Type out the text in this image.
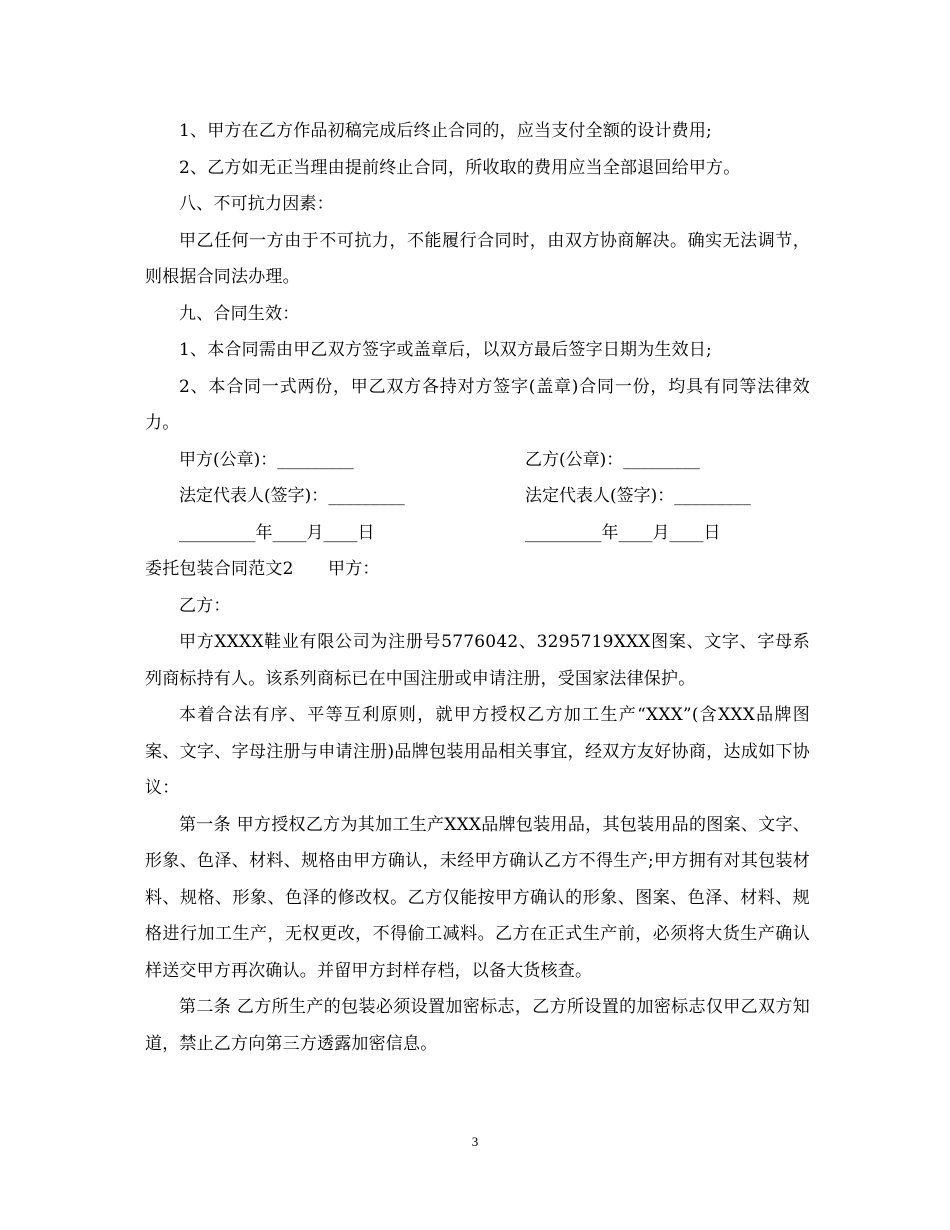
1、甲方在乙方作品初稿完成后终止合同的，应当支付全额的设计费用;

2、乙方如无正当理由提前终止合同，所收取的费用应当全部退回给甲方。

八、不可抗力因素：

甲乙任何一方由于不可抗力，不能履行合同时，由双方协商解决。确实无法调节，则根据合同法办理。

九、合同生效：

1、本合同需由甲乙双方签字或盖章后，以双方最后签字日期为生效日;

2、本合同一式两份，甲乙双方各持对方签字(盖章)合同一份，均具有同等法律效力。

甲方(公章)：_________	乙方(公章)：_________
法定代表人(签字)：_________	法定代表人(签字)：_________
_________年____月____日	_________年____月____日

委托包装合同范文2　　甲方：

乙方：

甲方XXXX鞋业有限公司为注册号5776042、3295719XXX图案、文字、字母系列商标持有人。该系列商标已在中国注册或申请注册，受国家法律保护。

本着合法有序、平等互利原则，就甲方授权乙方加工生产“XXX”(含XXX品牌图案、文字、字母注册与申请注册)品牌包装用品相关事宜，经双方友好协商，达成如下协议：

第一条 甲方授权乙方为其加工生产XXX品牌包装用品，其包装用品的图案、文字、形象、色泽、材料、规格由甲方确认，未经甲方确认乙方不得生产;甲方拥有对其包装材料、规格、形象、色泽的修改权。乙方仅能按甲方确认的形象、图案、色泽、材料、规格进行加工生产，无权更改，不得偷工减料。乙方在正式生产前，必须将大货生产确认样送交甲方再次确认。并留甲方封样存档，以备大货核查。

第二条 乙方所生产的包装必须设置加密标志，乙方所设置的加密标志仅甲乙双方知道，禁止乙方向第三方透露加密信息。

3
